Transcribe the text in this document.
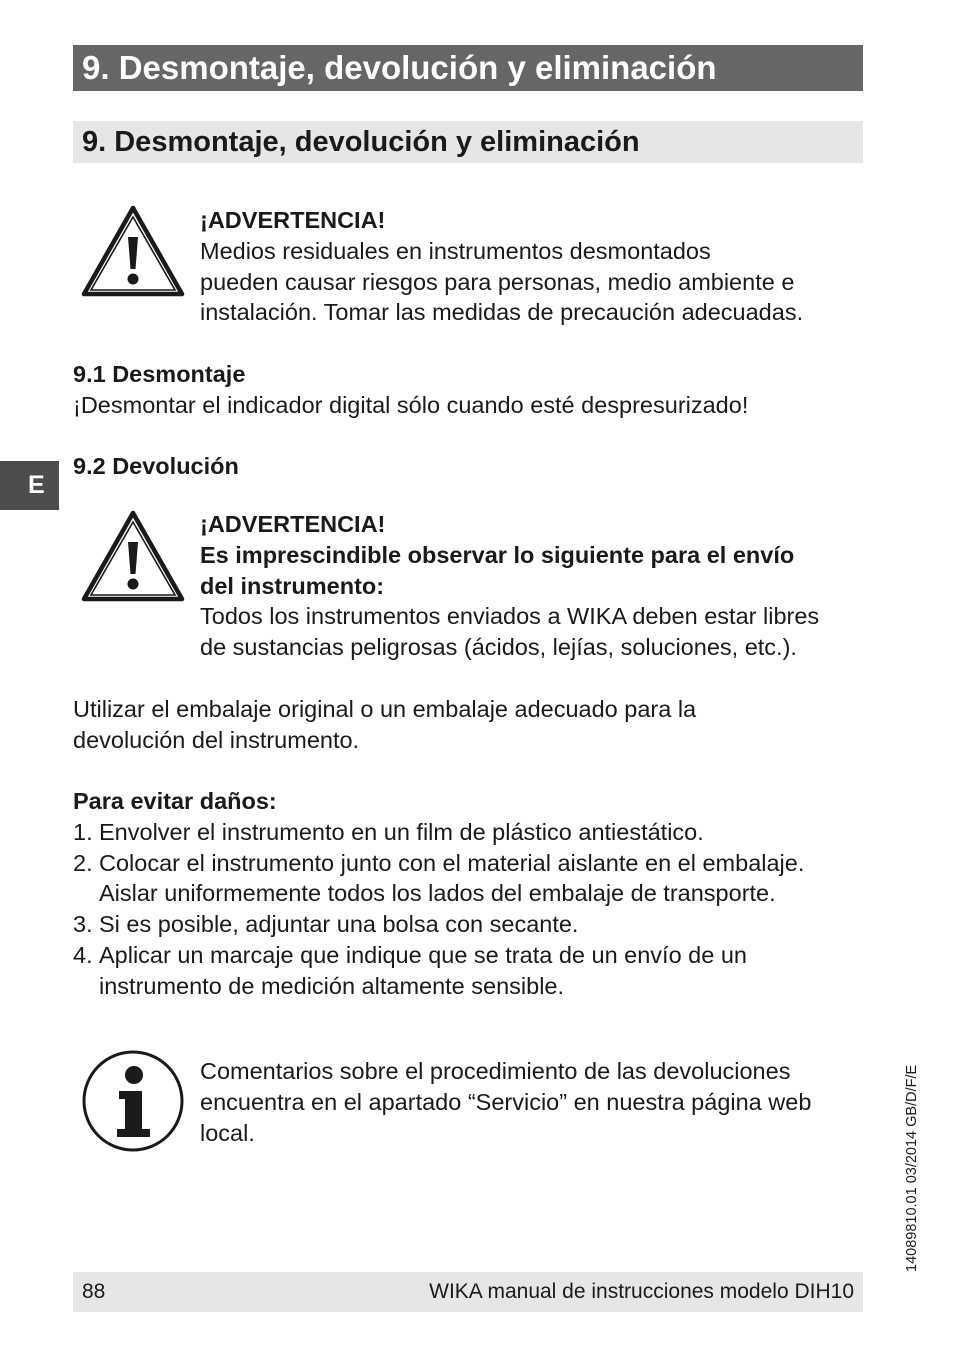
9. Desmontaje, devolución y eliminación
9. Desmontaje, devolución y eliminación
¡ADVERTENCIA!
Medios residuales en instrumentos desmontados
pueden causar riesgos para personas, medio ambiente e
instalación. Tomar las medidas de precaución adecuadas.
9.1 Desmontaje
¡Desmontar el indicador digital sólo cuando esté despresurizado!
E
9.2 Devolución
¡ADVERTENCIA!
Es imprescindible observar lo siguiente para el envío
del instrumento:
Todos los instrumentos enviados a WIKA deben estar libres
de sustancias peligrosas (ácidos, lejías, soluciones, etc.).
Utilizar el embalaje original o un embalaje adecuado para la
devolución del instrumento.
Para evitar daños:
1. Envolver el instrumento en un film de plástico antiestático.
2. Colocar el instrumento junto con el material aislante en el embalaje.
Aislar uniformemente todos los lados del embalaje de transporte.
3. Si es posible, adjuntar una bolsa con secante.
4. Aplicar un marcaje que indique que se trata de un envío de un
instrumento de medición altamente sensible.
Comentarios sobre el procedimiento de las devoluciones
encuentra en el apartado “Servicio” en nuestra página web
local.	14089810.01 03/2014 GB/D/F/E
88	WIKA manual de instrucciones modelo DIH10
